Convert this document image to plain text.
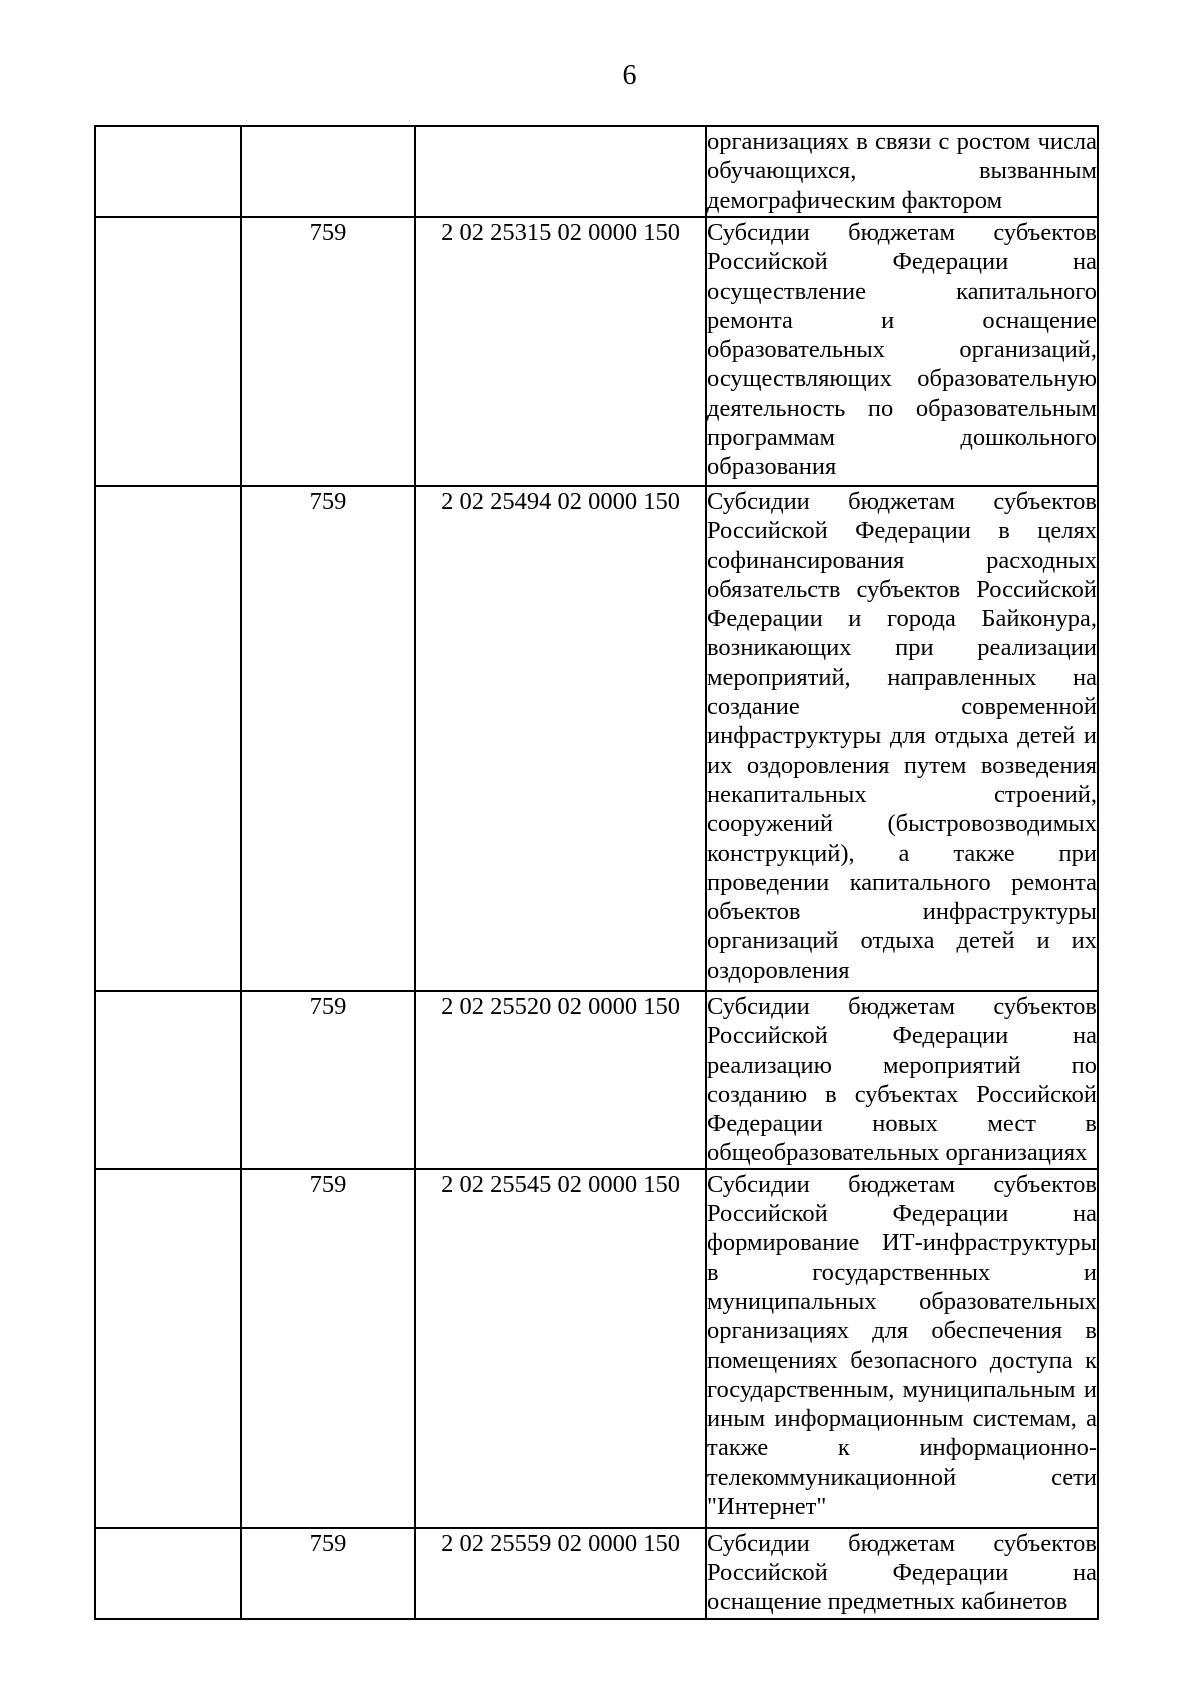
6

			организациях в связи с ростом числа обучающихся, вызванным демографическим фактором

	759	2 02 25315 02 0000 150	Субсидии бюджетам субъектов Российской Федерации на осуществление капитального ремонта и оснащение образовательных организаций, осуществляющих образовательную деятельность по образовательным программам дошкольного образования

	759	2 02 25494 02 0000 150	Субсидии бюджетам субъектов Российской Федерации в целях софинансирования расходных обязательств субъектов Российской Федерации и города Байконура, возникающих при реализации мероприятий, направленных на создание современной инфраструктуры для отдыха детей и их оздоровления путем возведения некапитальных строений, сооружений (быстровозводимых конструкций), а также при проведении капитального ремонта объектов инфраструктуры организаций отдыха детей и их оздоровления

	759	2 02 25520 02 0000 150	Субсидии бюджетам субъектов Российской Федерации на реализацию мероприятий по созданию в субъектах Российской Федерации новых мест в общеобразовательных организациях

	759	2 02 25545 02 0000 150	Субсидии бюджетам субъектов Российской Федерации на формирование ИТ-инфраструктуры в государственных и муниципальных образовательных организациях для обеспечения в помещениях безопасного доступа к государственным, муниципальным и иным информационным системам, а также к информационно-телекоммуникационной сети "Интернет"

	759	2 02 25559 02 0000 150	Субсидии бюджетам субъектов Российской Федерации на оснащение предметных кабинетов
